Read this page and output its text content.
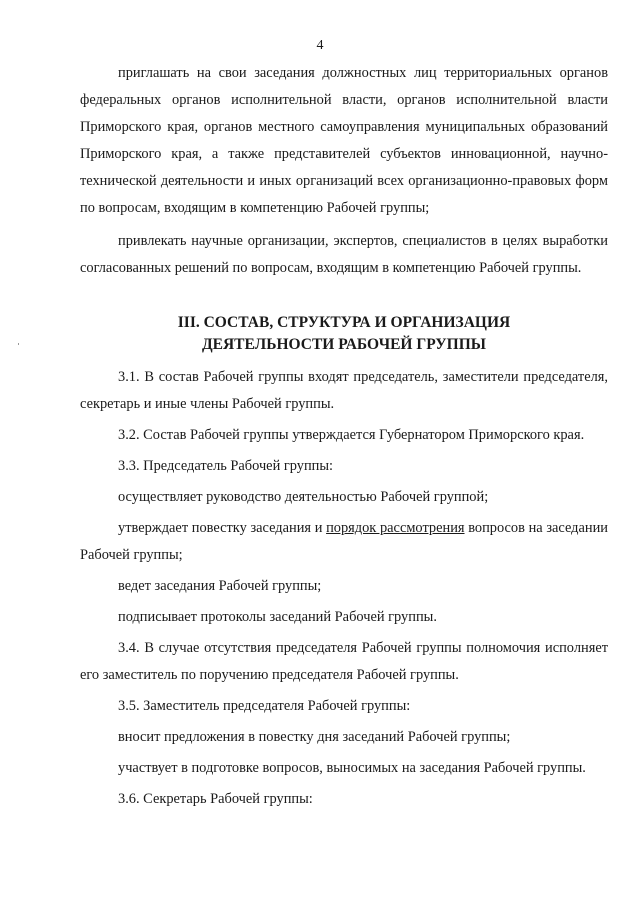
4

приглашать на свои заседания должностных лиц территориальных органов федеральных органов исполнительной власти, органов исполнительной власти Приморского края, органов местного самоуправления муниципальных образований Приморского края, а также представителей субъектов инновационной, научно-технической деятельности и иных организаций всех организационно-правовых форм по вопросам, входящим в компетенцию Рабочей группы;

привлекать научные организации, экспертов, специалистов в целях выработки согласованных решений по вопросам, входящим в компетенцию Рабочей группы.

III. СОСТАВ, СТРУКТУРА И ОРГАНИЗАЦИЯ
ДЕЯТЕЛЬНОСТИ РАБОЧЕЙ ГРУППЫ

3.1. В состав Рабочей группы входят председатель, заместители председателя, секретарь и иные члены Рабочей группы.

3.2. Состав Рабочей группы утверждается Губернатором Приморского края.

3.3. Председатель Рабочей группы:

осуществляет руководство деятельностью Рабочей группой;

утверждает повестку заседания и порядок рассмотрения вопросов на заседании Рабочей группы;

ведет заседания Рабочей группы;

подписывает протоколы заседаний Рабочей группы.

3.4. В случае отсутствия председателя Рабочей группы полномочия исполняет его заместитель по поручению председателя Рабочей группы.

3.5. Заместитель председателя Рабочей группы:

вносит предложения в повестку дня заседаний Рабочей группы;

участвует в подготовке вопросов, выносимых на заседания Рабочей группы.

3.6. Секретарь Рабочей группы:
